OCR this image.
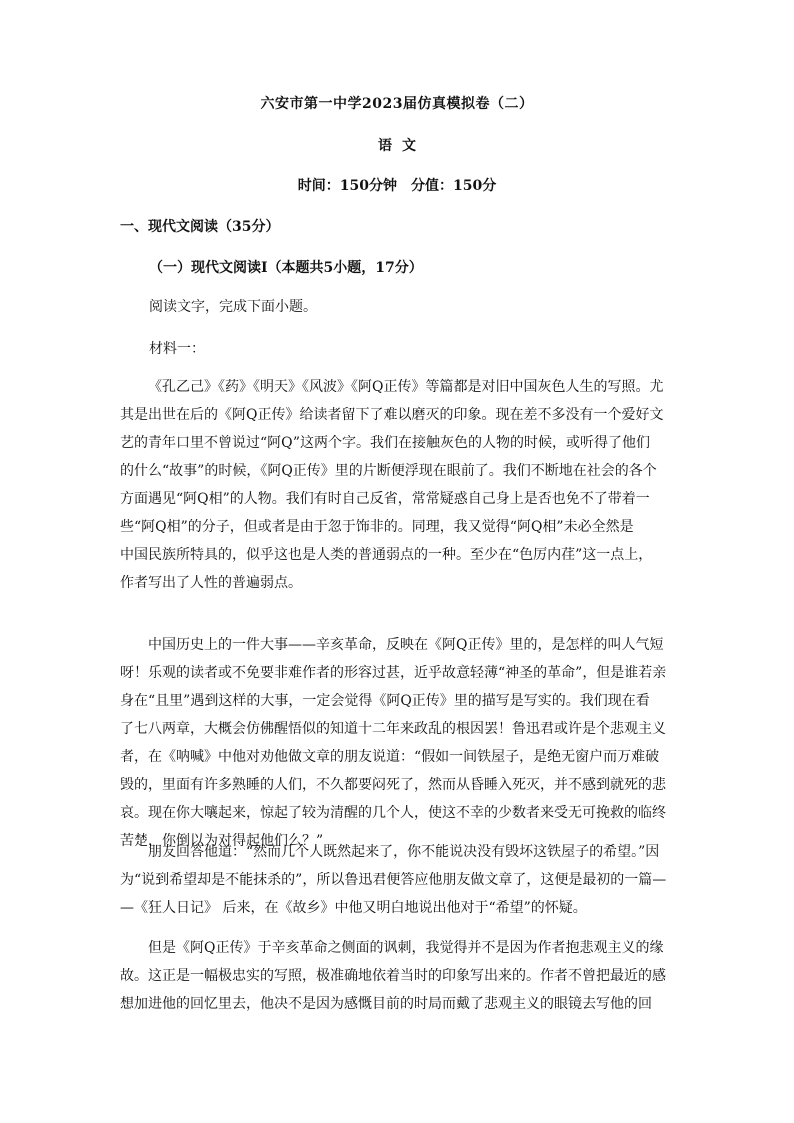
六安市第一中学2023届仿真模拟卷（二）
语文
时间：150分钟　分值：150分
一、现代文阅读（35分）
（一）现代文阅读Ⅰ（本题共5小题，17分）
阅读文字，完成下面小题。
材料一：
《孔乙己》《药》《明天》《风波》《阿Q正传》等篇都是对旧中国灰色人生的写照。尤
其是出世在后的《阿Q正传》给读者留下了难以磨灭的印象。现在差不多没有一个爱好文
艺的青年口里不曾说过“阿Q”这两个字。我们在接触灰色的人物的时候，或听得了他们
的什么“故事”的时候，《阿Q正传》里的片断便浮现在眼前了。我们不断地在社会的各个
方面遇见“阿Q相”的人物。我们有时自己反省，常常疑惑自己身上是否也免不了带着一
些“阿Q相”的分子，但或者是由于忽于饰非的。同理，我又觉得“阿Q相”未必全然是
中国民族所特具的，似乎这也是人类的普通弱点的一种。至少在“色厉内荏”这一点上，
作者写出了人性的普遍弱点。
中国历史上的一件大事——辛亥革命，反映在《阿Q正传》里的，是怎样的叫人气短
呀！乐观的读者或不免要非难作者的形容过甚，近乎故意轻薄“神圣的革命”，但是谁若亲
身在“且里”遇到这样的大事，一定会觉得《阿Q正传》里的描写是写实的。我们现在看
了七八两章，大概会仿佛醒悟似的知道十二年来政乱的根因罢！鲁迅君或许是个悲观主义
者，在《呐喊》中他对劝他做文章的朋友说道：“假如一间铁屋子，是绝无窗户而万难破
毁的，里面有许多熟睡的人们，不久都要闷死了，然而从昏睡入死灭，并不感到就死的悲
哀。现在你大嚷起来，惊起了较为清醒的几个人，使这不幸的少数者来受无可挽救的临终
苦楚，你倒以为对得起他们么？”
朋友回答他道：“然而几个人既然起来了，你不能说决没有毁坏这铁屋子的希望。”因
为“说到希望却是不能抹杀的”，所以鲁迅君便答应他朋友做文章了，这便是最初的一篇—
—《狂人日记》 后来，在《故乡》中他又明白地说出他对于“希望”的怀疑。
但是《阿Q正传》于辛亥革命之侧面的讽刺，我觉得并不是因为作者抱悲观主义的缘
故。这正是一幅极忠实的写照，极准确地依着当时的印象写出来的。作者不曾把最近的感
想加进他的回忆里去，他决不是因为感慨目前的时局而戴了悲观主义的眼镜去写他的回
